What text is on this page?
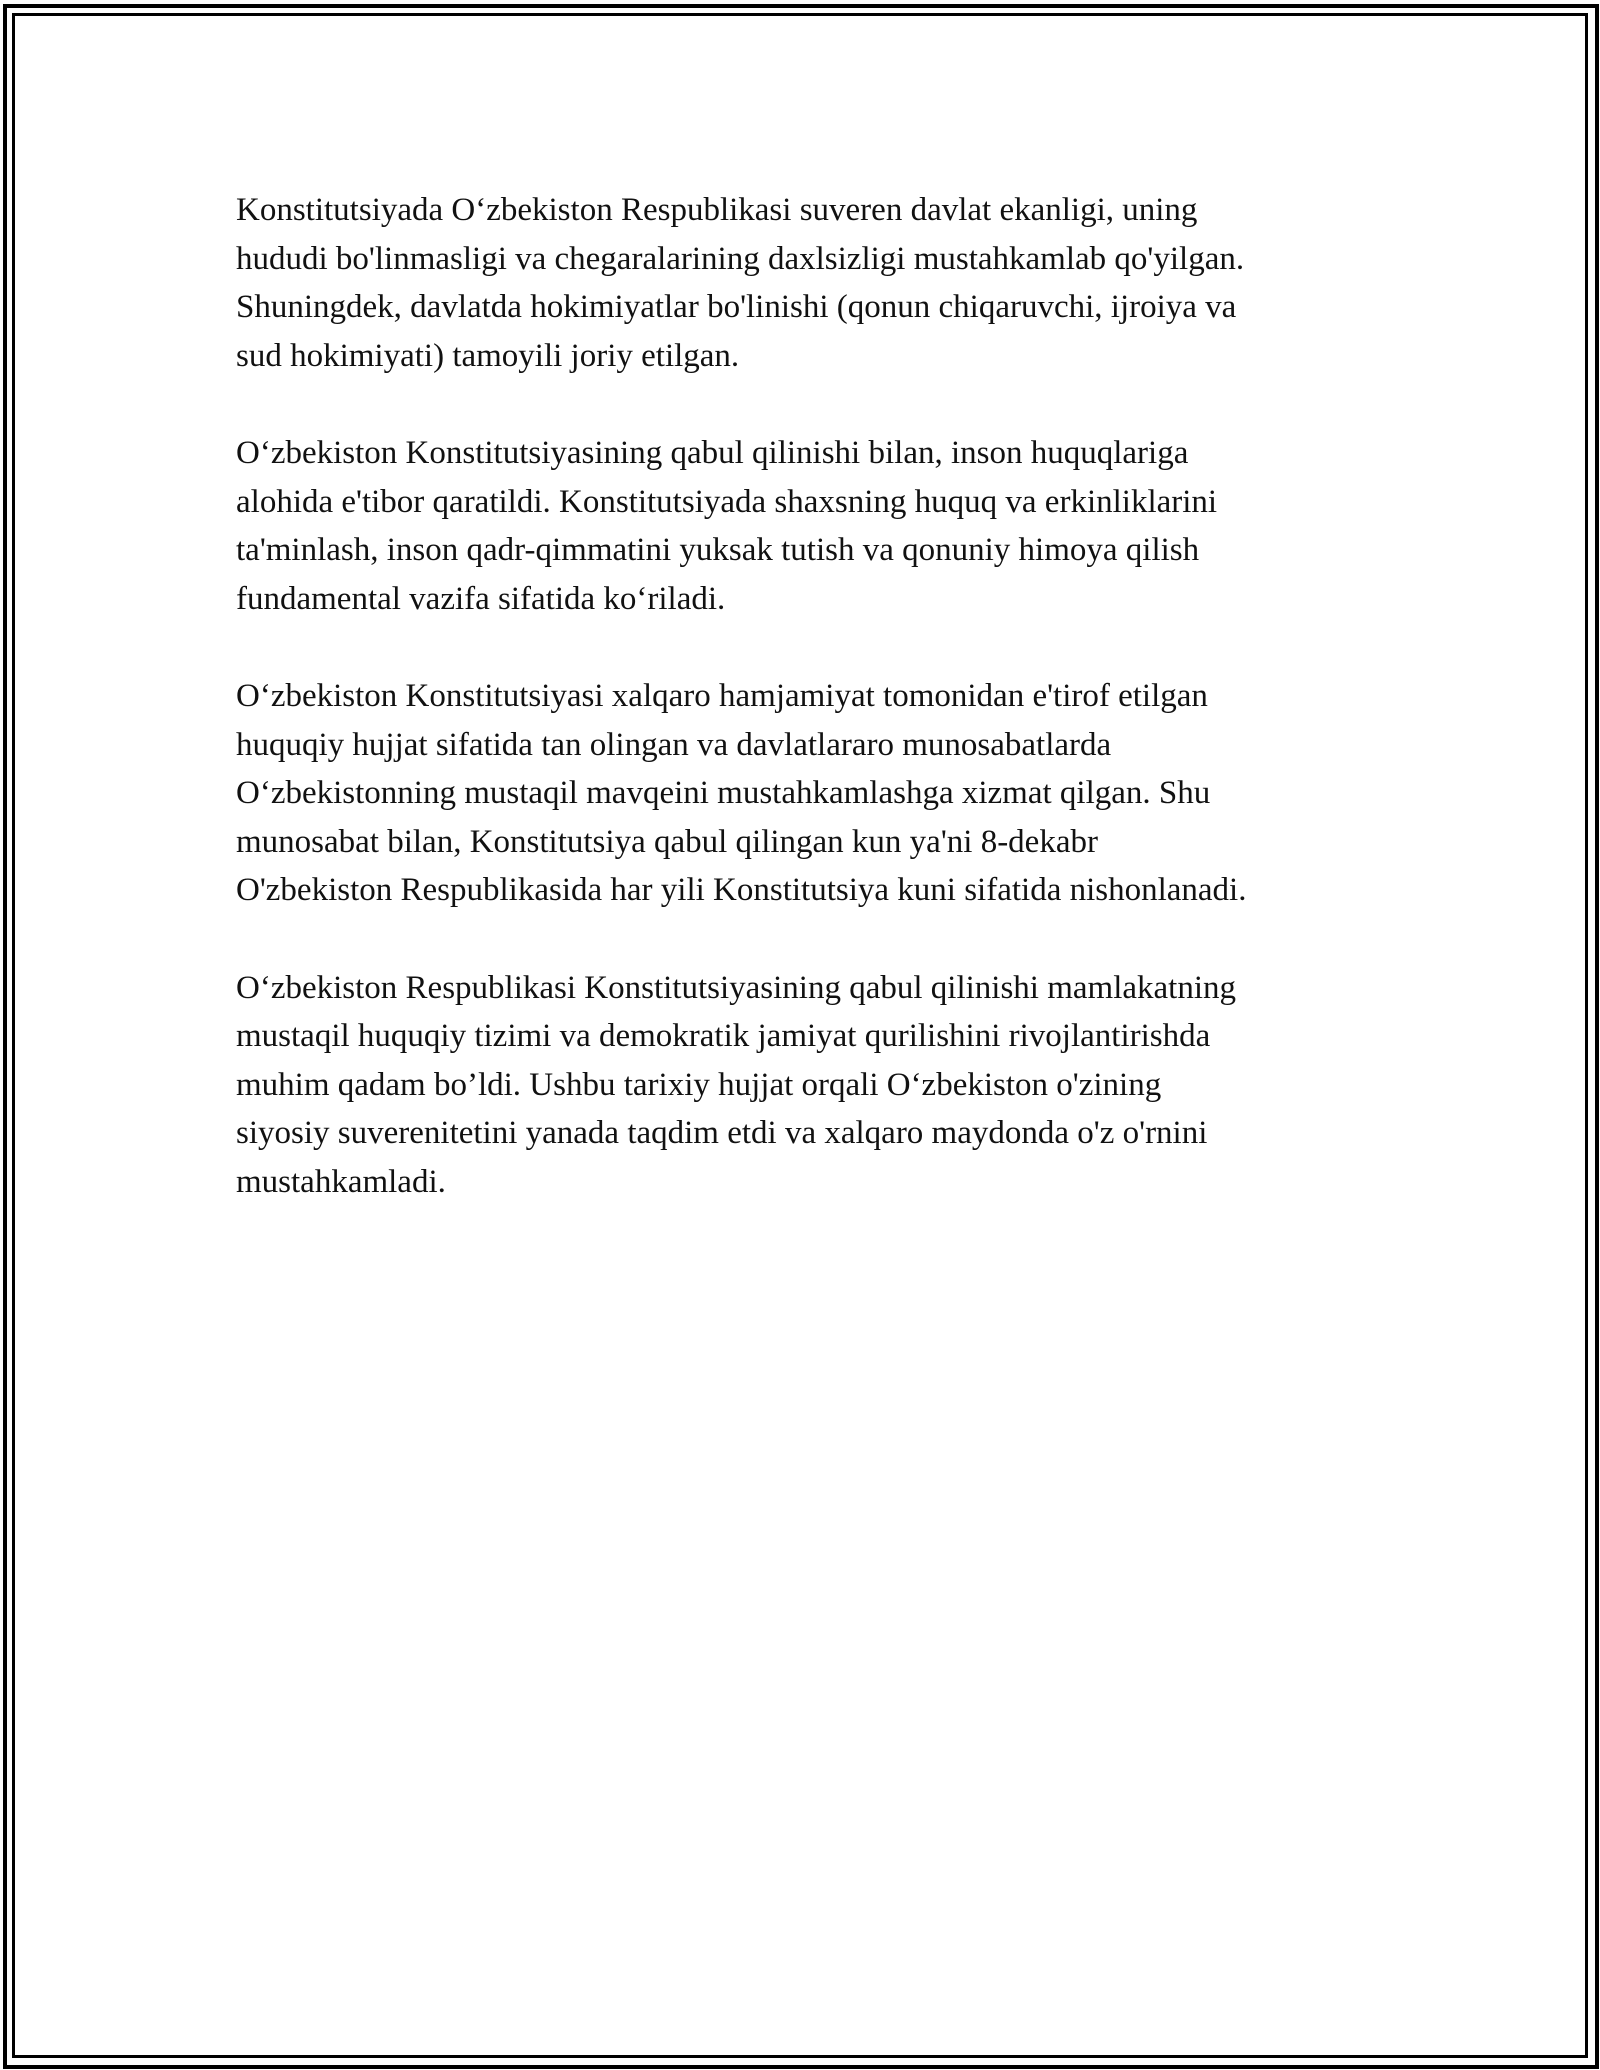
Konstitutsiyada O‘zbekiston Respublikasi suveren davlat ekanligi, uning
hududi bo'linmasligi va chegaralarining daxlsizligi mustahkamlab qo'yilgan.
Shuningdek, davlatda hokimiyatlar bo'linishi (qonun chiqaruvchi, ijroiya va
sud hokimiyati) tamoyili joriy etilgan.

O‘zbekiston Konstitutsiyasining qabul qilinishi bilan, inson huquqlariga
alohida e'tibor qaratildi. Konstitutsiyada shaxsning huquq va erkinliklarini
ta'minlash, inson qadr-qimmatini yuksak tutish va qonuniy himoya qilish
fundamental vazifa sifatida ko‘riladi.

O‘zbekiston Konstitutsiyasi xalqaro hamjamiyat tomonidan e'tirof etilgan
huquqiy hujjat sifatida tan olingan va davlatlararo munosabatlarda
O‘zbekistonning mustaqil mavqeini mustahkamlashga xizmat qilgan. Shu
munosabat bilan, Konstitutsiya qabul qilingan kun ya'ni 8-dekabr
O'zbekiston Respublikasida har yili Konstitutsiya kuni sifatida nishonlanadi.

O‘zbekiston Respublikasi Konstitutsiyasining qabul qilinishi mamlakatning
mustaqil huquqiy tizimi va demokratik jamiyat qurilishini rivojlantirishda
muhim qadam bo’ldi. Ushbu tarixiy hujjat orqali O‘zbekiston o'zining
siyosiy suverenitetini yanada taqdim etdi va xalqaro maydonda o'z o'rnini
mustahkamladi.
